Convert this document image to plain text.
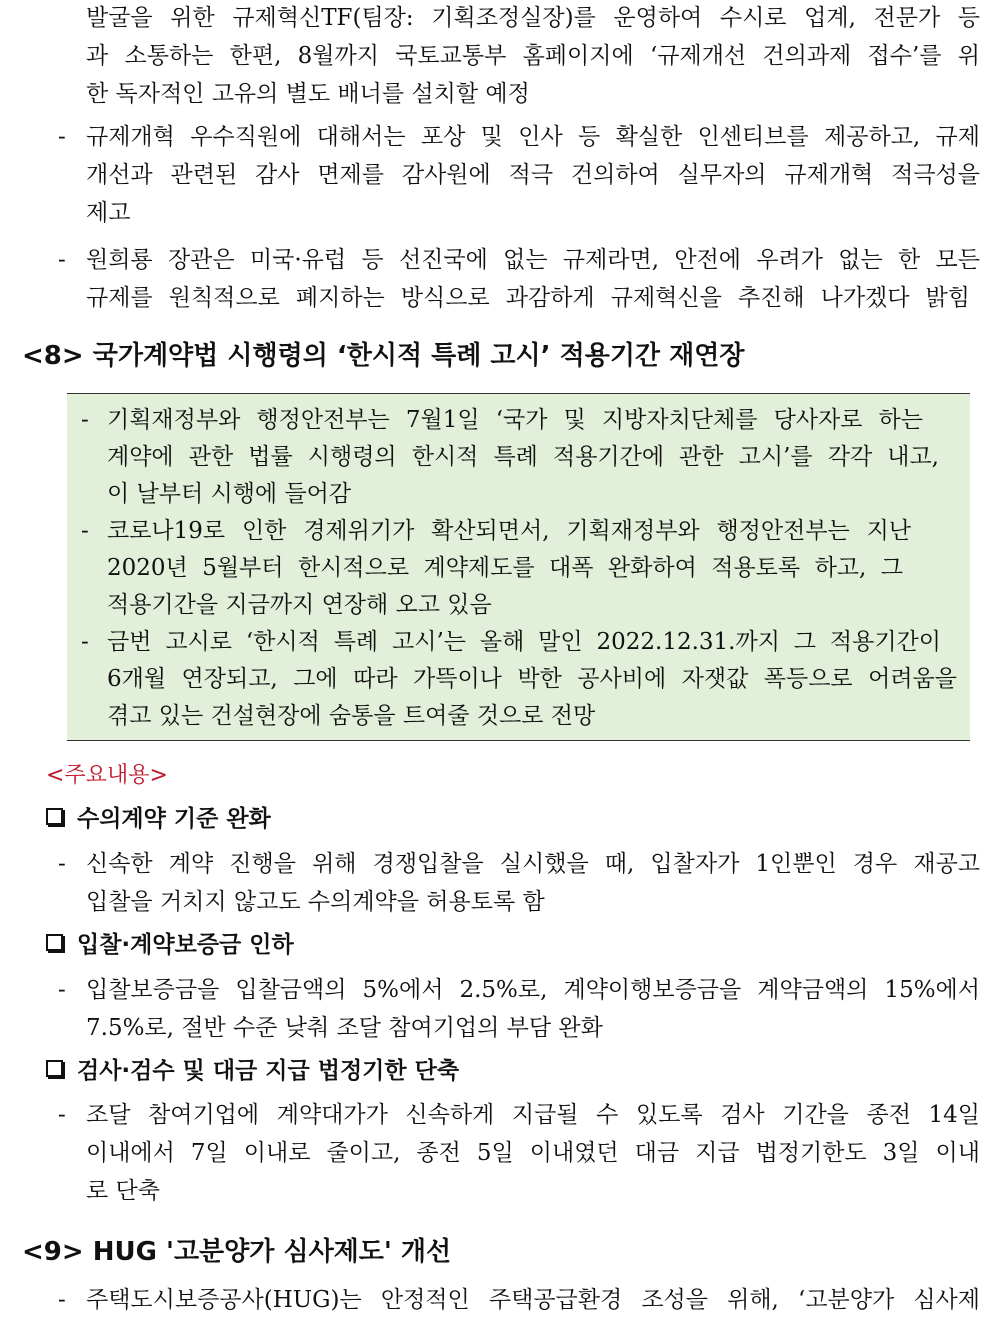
발굴을 위한 규제혁신TF(팀장: 기획조정실장)를 운영하여 수시로 업계, 전문가 등
과 소통하는 한편, 8월까지 국토교통부 홈페이지에 ‘규제개선 건의과제 접수’를 위
한 독자적인 고유의 별도 배너를 설치할 예정
- 규제개혁 우수직원에 대해서는 포상 및 인사 등 확실한 인센티브를 제공하고, 규제
개선과 관련된 감사 면제를 감사원에 적극 건의하여 실무자의 규제개혁 적극성을
제고
- 원희룡 장관은 미국·유럽 등 선진국에 없는 규제라면, 안전에 우려가 없는 한 모든
규제를 원칙적으로 폐지하는 방식으로 과감하게 규제혁신을 추진해 나가겠다 밝힘
<8> 국가계약법 시행령의 ‘한시적 특례 고시’ 적용기간 재연장
- 기획재정부와 행정안전부는 7월1일 ‘국가 및 지방자치단체를 당사자로 하는
계약에 관한 법률 시행령의 한시적 특례 적용기간에 관한 고시’를 각각 내고,
이 날부터 시행에 들어감
- 코로나19로 인한 경제위기가 확산되면서, 기획재정부와 행정안전부는 지난
2020년 5월부터 한시적으로 계약제도를 대폭 완화하여 적용토록 하고, 그
적용기간을 지금까지 연장해 오고 있음
- 금번 고시로 ‘한시적 특례 고시’는 올해 말인 2022.12.31.까지 그 적용기간이
6개월 연장되고, 그에 따라 가뜩이나 박한 공사비에 자잿값 폭등으로 어려움을
겪고 있는 건설현장에 숨통을 트여줄 것으로 전망
<주요내용>
수의계약 기준 완화
- 신속한 계약 진행을 위해 경쟁입찰을 실시했을 때, 입찰자가 1인뿐인 경우 재공고
입찰을 거치지 않고도 수의계약을 허용토록 함
입찰·계약보증금 인하
- 입찰보증금을 입찰금액의 5%에서 2.5%로, 계약이행보증금을 계약금액의 15%에서
7.5%로, 절반 수준 낮춰 조달 참여기업의 부담 완화
검사·검수 및 대금 지급 법정기한 단축
- 조달 참여기업에 계약대가가 신속하게 지급될 수 있도록 검사 기간을 종전 14일
이내에서 7일 이내로 줄이고, 종전 5일 이내였던 대금 지급 법정기한도 3일 이내
로 단축
<9> HUG '고분양가 심사제도' 개선
- 주택도시보증공사(HUG)는 안정적인 주택공급환경 조성을 위해, ‘고분양가 심사제
